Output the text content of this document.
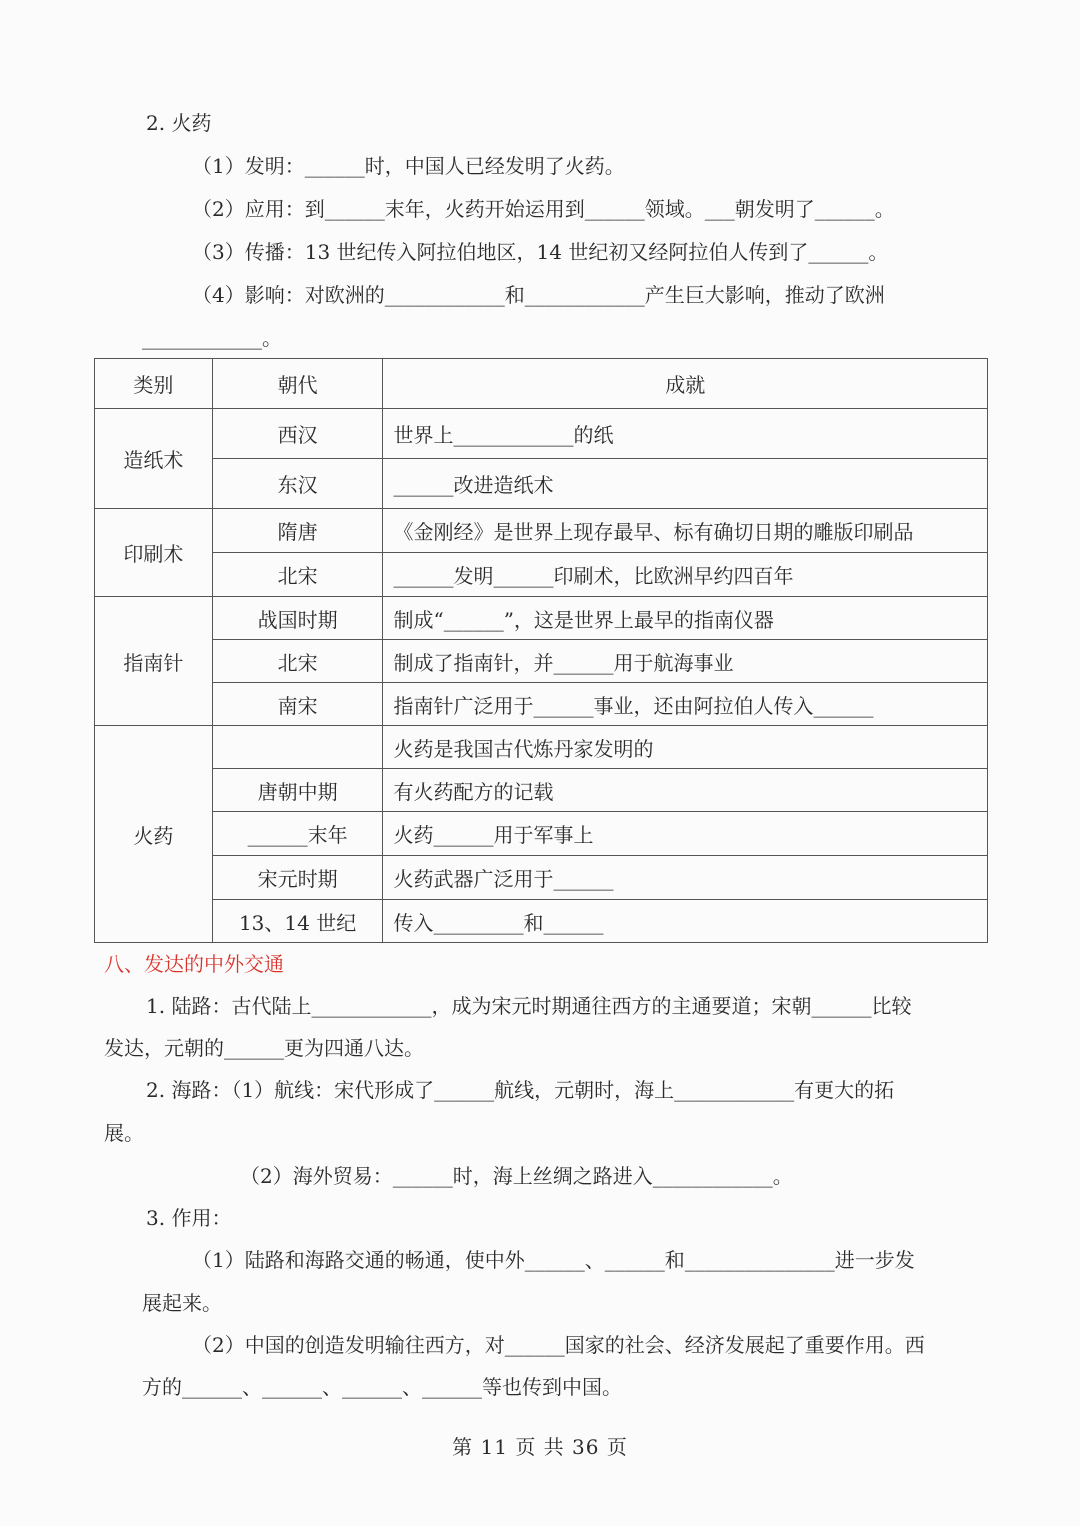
2. 火药
（1）发明：______时，中国人已经发明了火药。
（2）应用：到______末年，火药开始运用到______领域。___朝发明了______。
（3）传播：13 世纪传入阿拉伯地区，14 世纪初又经阿拉伯人传到了______。
（4）影响：对欧洲的____________和____________产生巨大影响，推动了欧洲
____________。
类别	朝代	成就
造纸术	西汉	世界上____________的纸
	东汉	______改进造纸术
印刷术	隋唐	《金刚经》是世界上现存最早、标有确切日期的雕版印刷品
	北宋	______发明______印刷术，比欧洲早约四百年
指南针	战国时期	制成“______”，这是世界上最早的指南仪器
	北宋	制成了指南针，并______用于航海事业
	南宋	指南针广泛用于______事业，还由阿拉伯人传入______
火药		火药是我国古代炼丹家发明的
	唐朝中期	有火药配方的记载
	______末年	火药______用于军事上
	宋元时期	火药武器广泛用于______
	13、14 世纪	传入_________和______
八、发达的中外交通
1. 陆路：古代陆上____________，成为宋元时期通往西方的主通要道；宋朝______比较
发达，元朝的______更为四通八达。
2. 海路：（1）航线：宋代形成了______航线，元朝时，海上____________有更大的拓
展。
（2）海外贸易：______时，海上丝绸之路进入____________。
3. 作用：
（1）陆路和海路交通的畅通，使中外______、______和_______________进一步发
展起来。
（2）中国的创造发明输往西方，对______国家的社会、经济发展起了重要作用。西
方的______、______、______、______等也传到中国。
第 11 页 共 36 页
